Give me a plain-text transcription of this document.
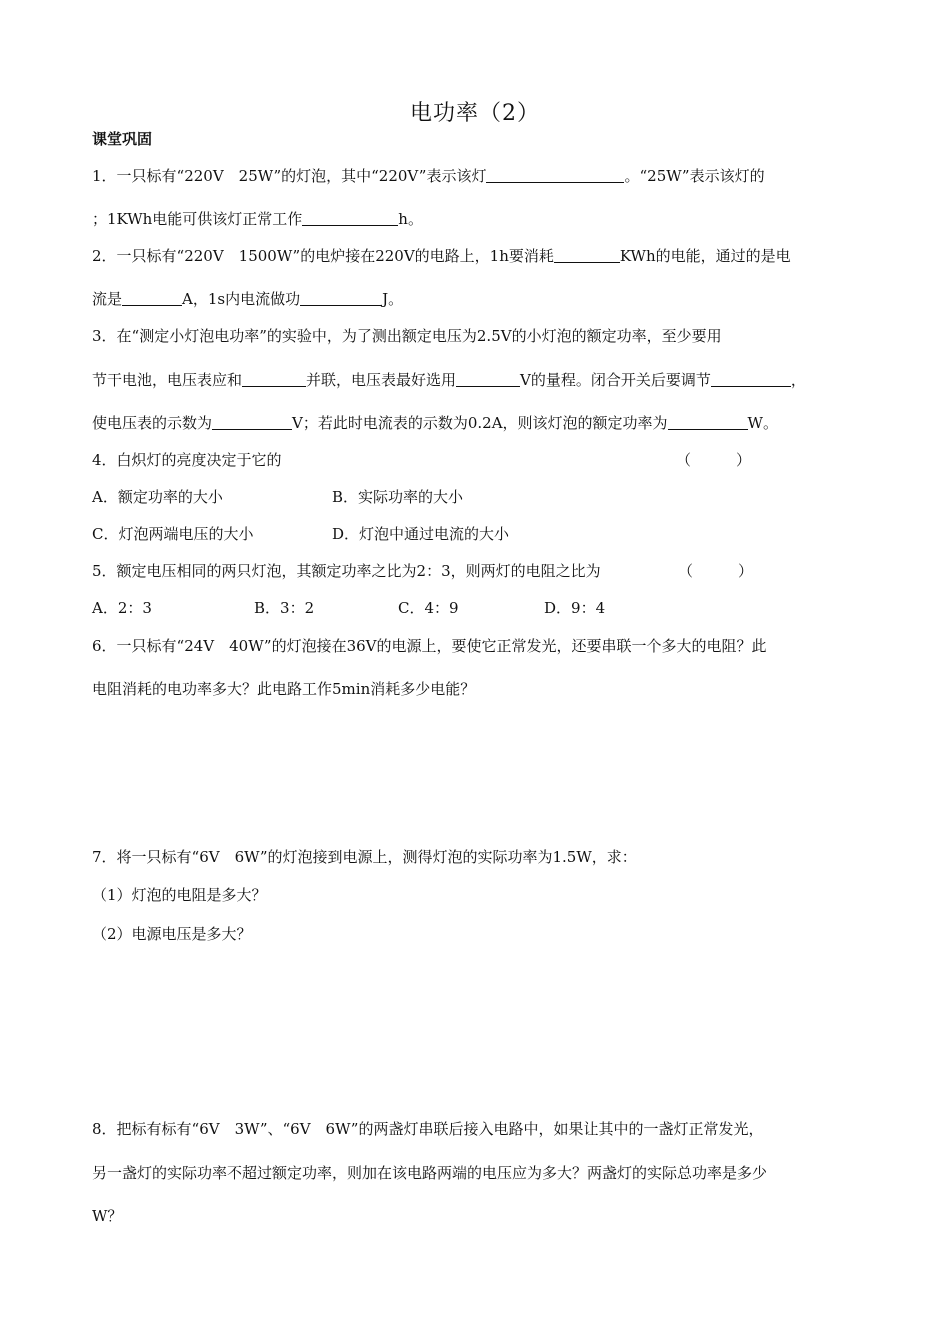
电功率（2）
课堂巩固
1．一只标有“220V　25W”的灯泡，其中“220V”表示该灯	。“25W”表示该灯的
；1KWh电能可供该灯正常工作	h。
2．一只标有“220V　1500W”的电炉接在220V的电路上，1h要消耗	KWh的电能，通过的是电
流是	A，1s内电流做功	J。
3．在“测定小灯泡电功率”的实验中，为了测出额定电压为2.5V的小灯泡的额定功率，至少要用
节干电池，电压表应和	并联，电压表最好选用	V的量程。闭合开关后要调节	，
使电压表的示数为	V；若此时电流表的示数为0.2A，则该灯泡的额定功率为	W。
4．白炽灯的亮度决定于它的	（　　　）
A．额定功率的大小	B．实际功率的大小
C．灯泡两端电压的大小	D．灯泡中通过电流的大小
5．额定电压相同的两只灯泡，其额定功率之比为2：3，则两灯的电阻之比为	（　　　）
A．2：3	B．3：2	C．4：9	D．9：4
6．一只标有“24V　40W”的灯泡接在36V的电源上，要使它正常发光，还要串联一个多大的电阻？此
电阻消耗的电功率多大？此电路工作5min消耗多少电能？
7．将一只标有“6V　6W”的灯泡接到电源上，测得灯泡的实际功率为1.5W，求：
（1）灯泡的电阻是多大？
（2）电源电压是多大？
8．把标有标有“6V　3W”、“6V　6W”的两盏灯串联后接入电路中，如果让其中的一盏灯正常发光，
另一盏灯的实际功率不超过额定功率，则加在该电路两端的电压应为多大？两盏灯的实际总功率是多少
W？
